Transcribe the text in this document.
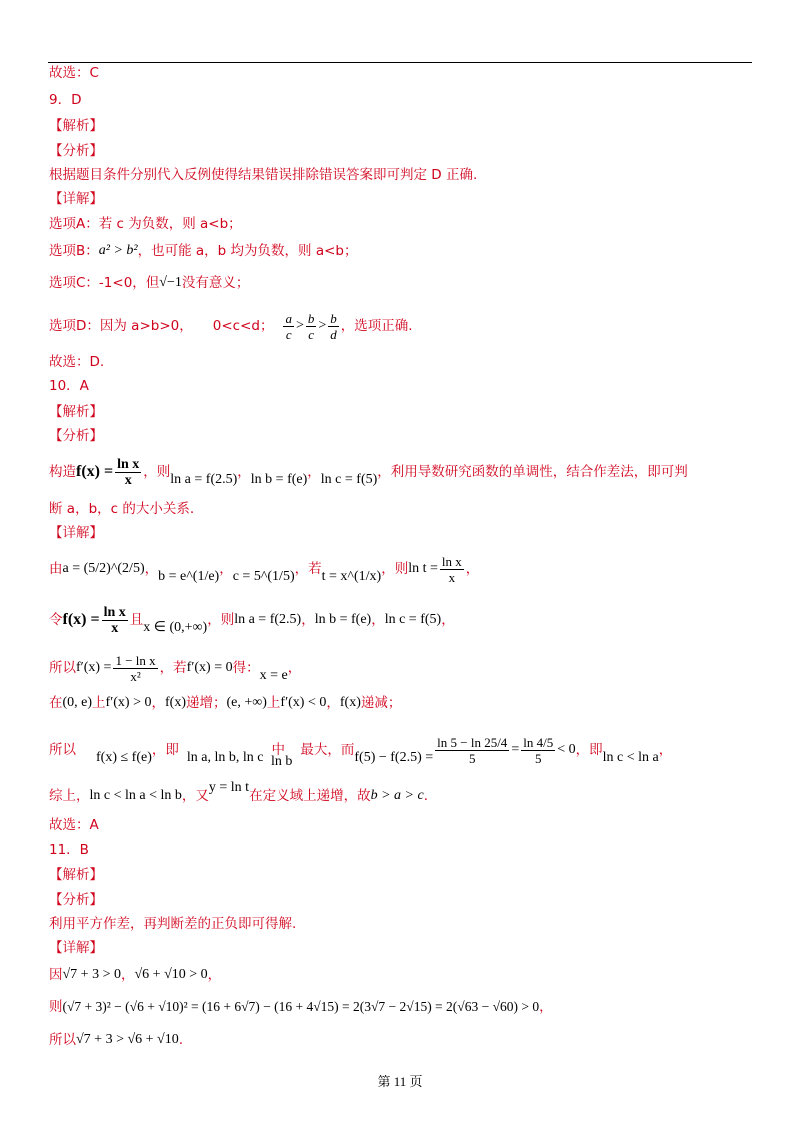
故选：C
9．D
【解析】
【分析】
根据题目条件分别代入反例使得结果错误排除错误答案即可判定 D 正确.
【详解】
选项A：若 c 为负数，则 a<b；
选项B： a² > b² ，也可能 a，b 均为负数，则 a<b；
选项C：-1<0，但 √−1 没有意义；
选项D：因为 a>b>0， 0<c<d； $\frac{a}{c} > \frac{b}{c} > \frac{b}{d}$ ，选项正确.
故选：D.
10．A
【解析】
【分析】
构造 $f(x) = \frac{\text{ln x}}{x}$ ，则 ln a = f(2.5) ， ln b = f(e) ， ln c = f(5) ，利用导数研究函数的单调性，结合作差法，即可判
断 a，b，c 的大小关系.
【详解】
由 a = (5/2)^(2/5) ， b = e^(1/e) ， c = 5^(1/5) ，若 t = x^(1/x) ，则 $\ln t = \frac{\text{ln x}}{x}$ ，
令 $f(x) = \frac{\text{ln x}}{x}$ 且 x ∈ (0,+∞) ，则 ln a = f(2.5) ， ln b = f(e) ， ln c = f(5) ，
所以 $f'(x) = \frac{\text{1 − ln x}}{\text{x²}}$ ，若 f′(x) = 0 得： x = e ，
在 (0, e) 上 f′(x) > 0 ， f(x) 递增； (e, +∞) 上 f′(x) < 0 ， f(x) 递减；
所以 f(x) ≤ f(e) ，即 ln a, ln b, ln c 中
ln b
最大，而 $f(5) - f(2.5) = \frac{\ln 5 - \ln 25/4}{5} = \frac{\ln 4/5}{5} < 0$ ，即 ln c < ln a ，
综上， ln c < ln a < ln b ，又
y = ln t
在定义域上递增，故 b > a > c .
故选：A
11．B
【解析】
【分析】
利用平方作差，再判断差的正负即可得解.
【详解】
因 √7 + 3 > 0 ， √6 + √10 > 0 ，
则 (√7 + 3)² − (√6 + √10)² = (16 + 6√7) − (16 + 4√15) = 2(3√7 − 2√15) = 2(√63 − √60) > 0 ，
所以 √7 + 3 > √6 + √10 .
第 11 页
